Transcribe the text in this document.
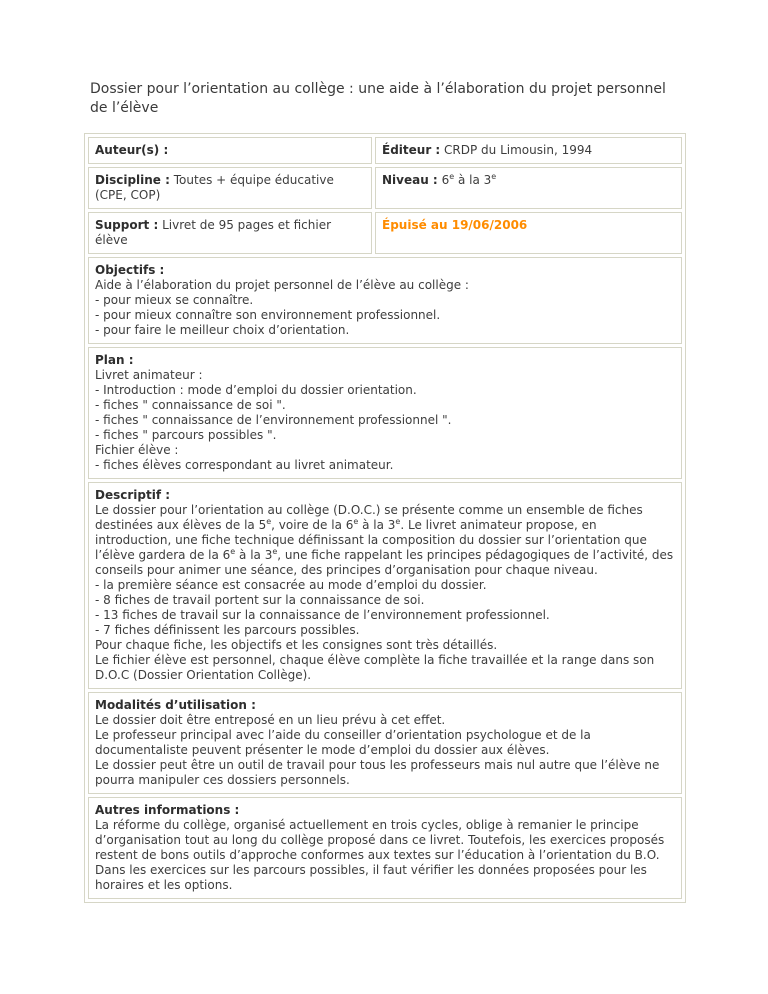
Dossier pour l’orientation au collège : une aide à l’élaboration du projet personnel de l’élève
Auteur(s) :	Éditeur : CRDP du Limousin, 1994
Discipline : Toutes + équipe éducative (CPE, COP)	Niveau : 6e à la 3e
Support : Livret de 95 pages et fichier élève	Épuisé au 19/06/2006

Objectifs :
Aide à l’élaboration du projet personnel de l’élève au collège :
- pour mieux se connaître.
- pour mieux connaître son environnement professionnel.
- pour faire le meilleur choix d’orientation.	

Plan :
Livret animateur :
- Introduction : mode d’emploi du dossier orientation.
- fiches " connaissance de soi ".
- fiches " connaissance de l’environnement professionnel ".
- fiches " parcours possibles ".
Fichier élève :
- fiches élèves correspondant au livret animateur.

Descriptif :
Le dossier pour l’orientation au collège (D.O.C.) se présente comme un ensemble de fiches destinées aux élèves de la 5e, voire de la 6e à la 3e. Le livret animateur propose, en introduction, une fiche technique définissant la composition du dossier sur l’orientation que l’élève gardera de la 6e à la 3e, une fiche rappelant les principes pédagogiques de l’activité, des conseils pour animer une séance, des principes d’organisation pour chaque niveau.
- la première séance est consacrée au mode d’emploi du dossier.
- 8 fiches de travail portent sur la connaissance de soi.
- 13 fiches de travail sur la connaissance de l’environnement professionnel.
- 7 fiches définissent les parcours possibles.
Pour chaque fiche, les objectifs et les consignes sont très détaillés.
Le fichier élève est personnel, chaque élève complète la fiche travaillée et la range dans son D.O.C (Dossier Orientation Collège).

Modalités d’utilisation :
Le dossier doit être entreposé en un lieu prévu à cet effet.
Le professeur principal avec l’aide du conseiller d’orientation psychologue et de la documentaliste peuvent présenter le mode d’emploi du dossier aux élèves.
Le dossier peut être un outil de travail pour tous les professeurs mais nul autre que l’élève ne pourra manipuler ces dossiers personnels.	

Autres informations :
La réforme du collège, organisé actuellement en trois cycles, oblige à remanier le principe d’organisation tout au long du collège proposé dans ce livret. Toutefois, les exercices proposés restent de bons outils d’approche conformes aux textes sur l’éducation à l’orientation du B.O.
Dans les exercices sur les parcours possibles, il faut vérifier les données proposées pour les horaires et les options.	
